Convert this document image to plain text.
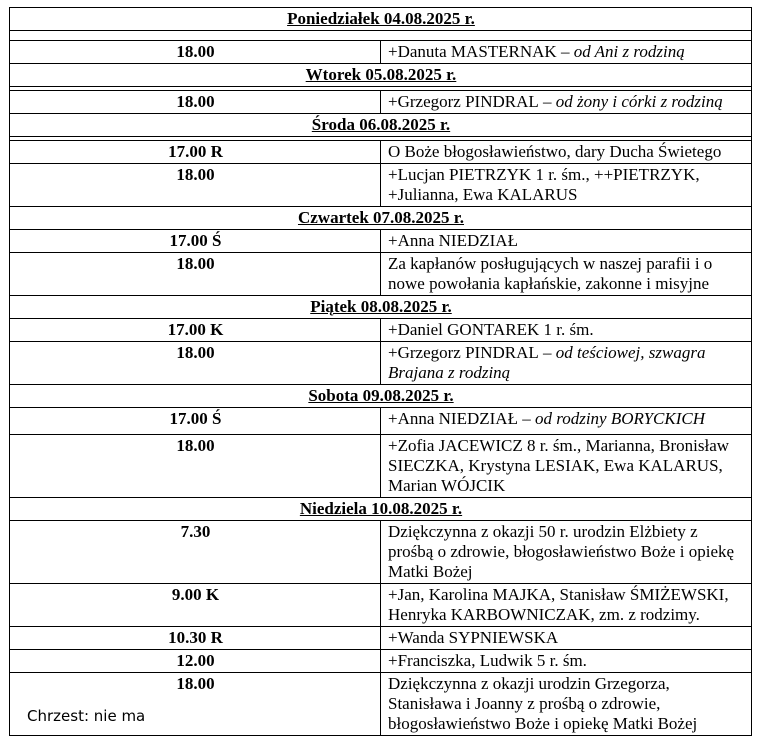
Poniedziałek 04.08.2025 r.	

18.00	+Danuta MASTERNAK – od Ani z rodziną
Wtorek 05.08.2025 r.	

18.00	+Grzegorz PINDRAL – od żony i córki z rodziną
Środa 06.08.2025 r.	

17.00 R	O Boże błogosławieństwo, dary Ducha Świetego
18.00	+Lucjan PIETRZYK 1 r. śm., ++PIETRZYK, +Julianna, Ewa KALARUS
Czwartek 07.08.2025 r.	
17.00 Ś	+Anna NIEDZIAŁ
18.00	Za kapłanów posługujących w naszej parafii i o nowe powołania kapłańskie, zakonne i misyjne
Piątek 08.08.2025 r.	
17.00 K	+Daniel GONTAREK 1 r. śm.
18.00	+Grzegorz PINDRAL – od teściowej, szwagra Brajana z rodziną
Sobota 09.08.2025 r.	
17.00 Ś	+Anna NIEDZIAŁ – od rodziny BORYCKICH
18.00	+Zofia JACEWICZ 8 r. śm., Marianna, Bronisław SIECZKA, Krystyna LESIAK, Ewa KALARUS, Marian WÓJCIK
Niedziela 10.08.2025 r.	
7.30	Dziękczynna z okazji 50 r. urodzin Elżbiety z prośbą o zdrowie, błogosławieństwo Boże i opiekę Matki Bożej
9.00 K	+Jan, Karolina MAJKA, Stanisław ŚMIŻEWSKI, Henryka KARBOWNICZAK, zm. z rodzimy.
10.30 R	+Wanda SYPNIEWSKA
12.00	+Franciszka, Ludwik 5 r. śm.
18.00	Dziękczynna z okazji urodzin Grzegorza, Stanisława i Joanny z prośbą o zdrowie, błogosławieństwo Boże i opiekę Matki Bożej
Chrzest: nie ma
